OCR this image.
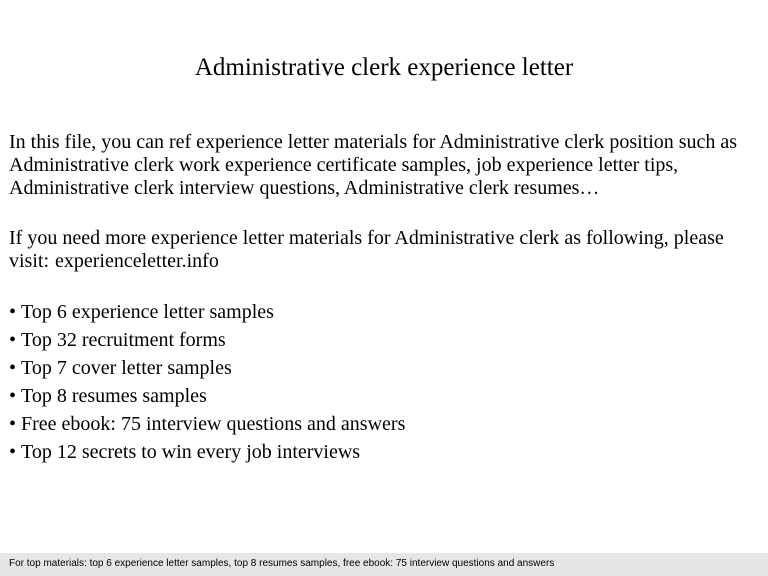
Administrative clerk experience letter

In this file, you can ref experience letter materials for Administrative clerk position such as Administrative clerk work experience certificate samples, job experience letter tips, Administrative clerk interview questions, Administrative clerk resumes…

If you need more experience letter materials for Administrative clerk as following, please visit: experienceletter.info

• Top 6 experience letter samples
• Top 32 recruitment forms
• Top 7 cover letter samples
• Top 8 resumes samples
• Free ebook: 75 interview questions and answers
• Top 12 secrets to win every job interviews
For top materials: top 6 experience letter samples, top 8 resumes samples, free ebook: 75 interview questions and answers
